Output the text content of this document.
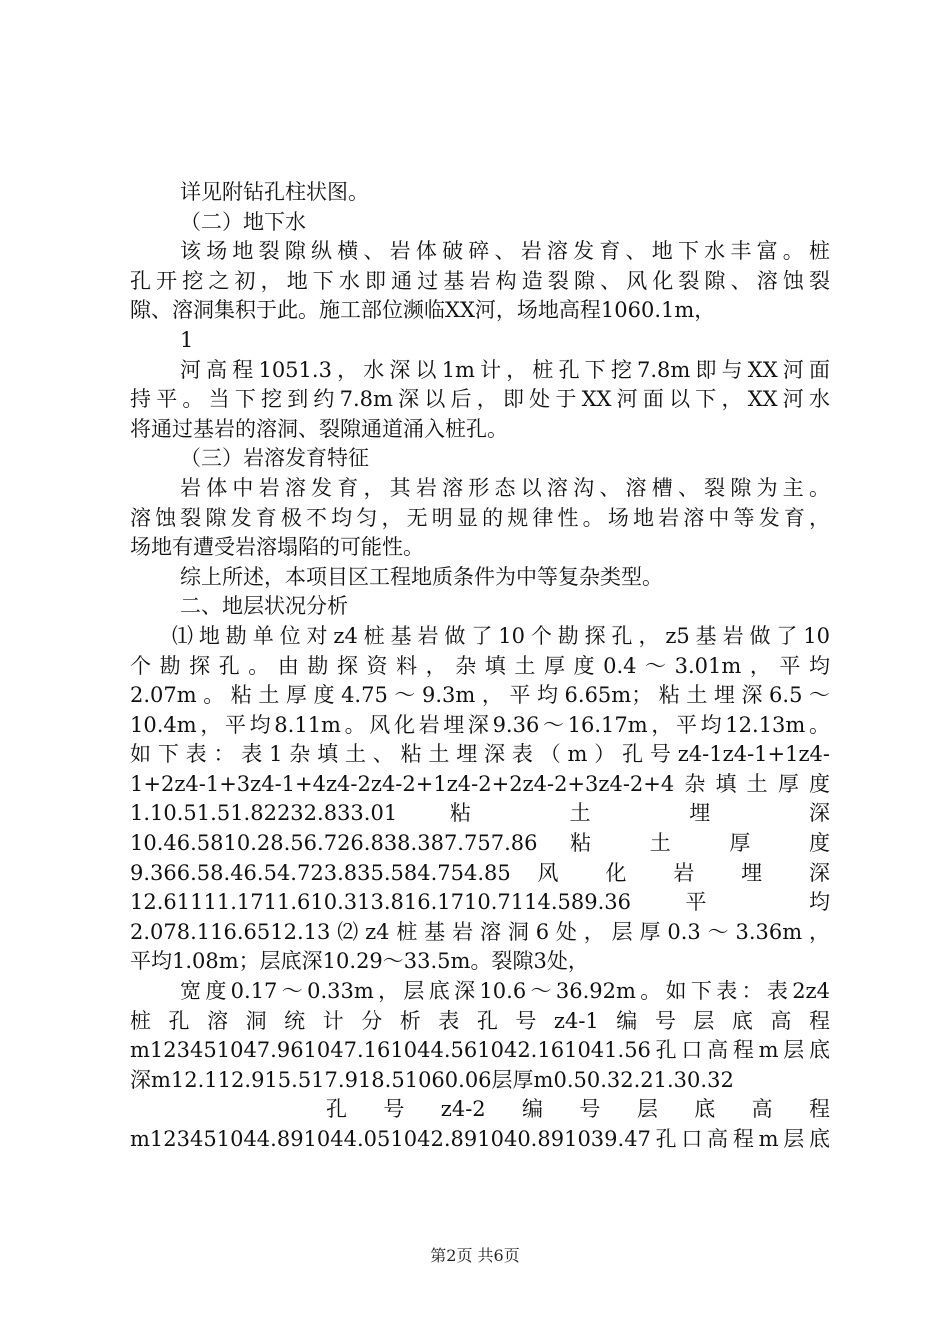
详见附钻孔柱状图。
（二）地下水
该场地裂隙纵横、岩体破碎、岩溶发育、地下水丰富。桩
孔开挖之初，地下水即通过基岩构造裂隙、风化裂隙、溶蚀裂
隙、溶洞集积于此。施工部位濒临XX河，场地高程1060.1m，
1
河高程1051.3，水深以1m计，桩孔下挖7.8m即与XX河面
持平。当下挖到约7.8m深以后，即处于XX河面以下，XX河水
将通过基岩的溶洞、裂隙通道涌入桩孔。
（三）岩溶发育特征
岩体中岩溶发育，其岩溶形态以溶沟、溶槽、裂隙为主。
溶蚀裂隙发育极不均匀，无明显的规律性。场地岩溶中等发育，
场地有遭受岩溶塌陷的可能性。
综上所述，本项目区工程地质条件为中等复杂类型。
二、地层状况分析
⑴地勘单位对z4桩基岩做了10个勘探孔，z5基岩做了10
个勘探孔。由勘探资料，杂填土厚度0.4～3.01m，平均
2.07m。粘土厚度4.75～9.3m，平均6.65m；粘土埋深6.5～
10.4m，平均8.11m。风化岩埋深9.36～16.17m，平均12.13m。
如下表：表1杂填土、粘土埋深表（m）孔号z4-1z4-1+1z4-
1+2z4-1+3z4-1+4z4-2z4-2+1z4-2+2z4-2+3z4-2+4杂填土厚度
1.10.51.51.82232.833.01 粘 土 埋 深
10.46.5810.28.56.726.838.387.757.86 粘 土 厚 度
9.366.58.46.54.723.835.584.754.85 风 化 岩 埋 深
12.61111.1711.610.313.816.1710.7114.589.36 平 均
2.078.116.6512.13⑵z4桩基岩溶洞6处，层厚0.3～3.36m，
平均1.08m；层底深10.29～33.5m。裂隙3处，
宽度0.17～0.33m，层底深10.6～36.92m。如下表：表2z4
桩孔溶洞统计分析表孔号z4-1编号层底高程
m123451047.961047.161044.561042.161041.56孔口高程m层底
深m12.112.915.517.918.51060.06层厚m0.50.32.21.30.32
孔号z4-2编号层底高程
m123451044.891044.051042.891040.891039.47孔口高程m层底
第2页 共6页
